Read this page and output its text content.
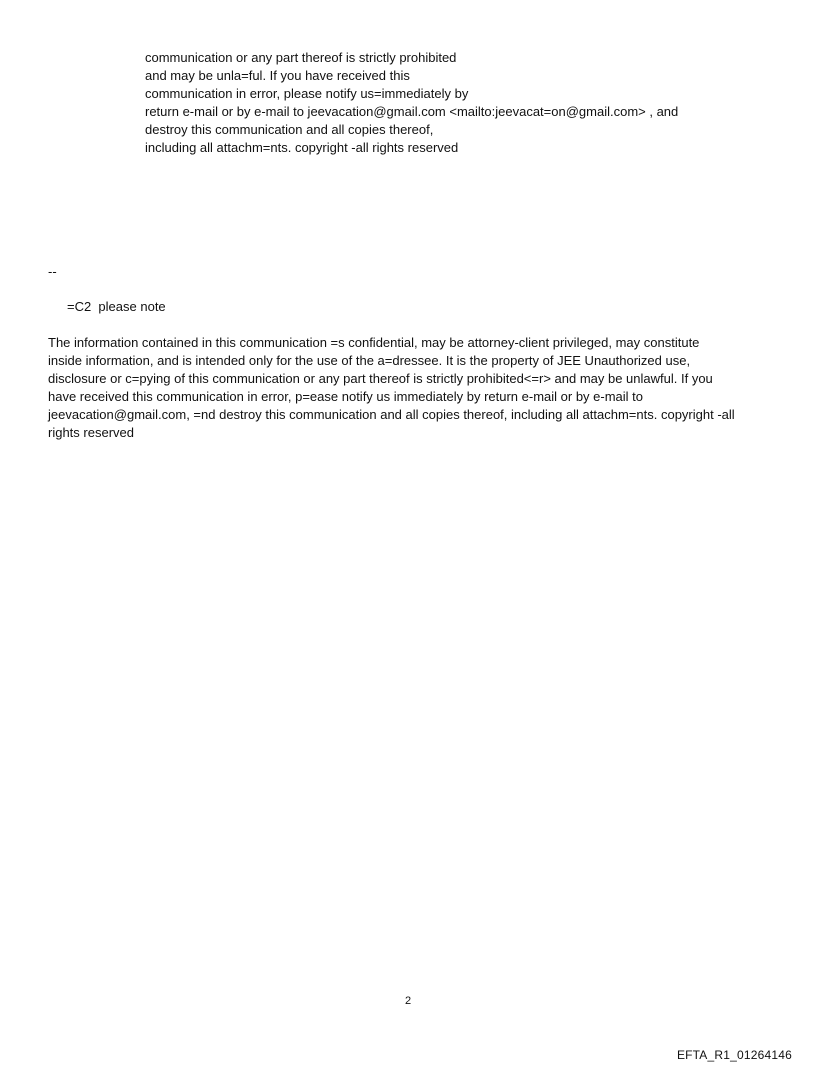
communication or any part thereof is strictly prohibited
and may be unla=ful. If you have received this
communication in error, please notify us=immediately by
return e-mail or by e-mail to jeevacation@gmail.com <mailto:jeevacat=on@gmail.com> , and
destroy this communication and all copies thereof,
including all attachm=nts. copyright -all rights reserved
--
=C2  please note
The information contained in this communication =s confidential, may be attorney-client privileged, may constitute
inside information, and is intended only for the use of the a=dressee. It is the property of JEE Unauthorized use,
disclosure or c=pying of this communication or any part thereof is strictly prohibited<=r> and may be unlawful. If you
have received this communication in error, p=ease notify us immediately by return e-mail or by e-mail to
jeevacation@gmail.com, =nd destroy this communication and all copies thereof, including all attachm=nts. copyright -all
rights reserved
2
EFTA_R1_01264146
